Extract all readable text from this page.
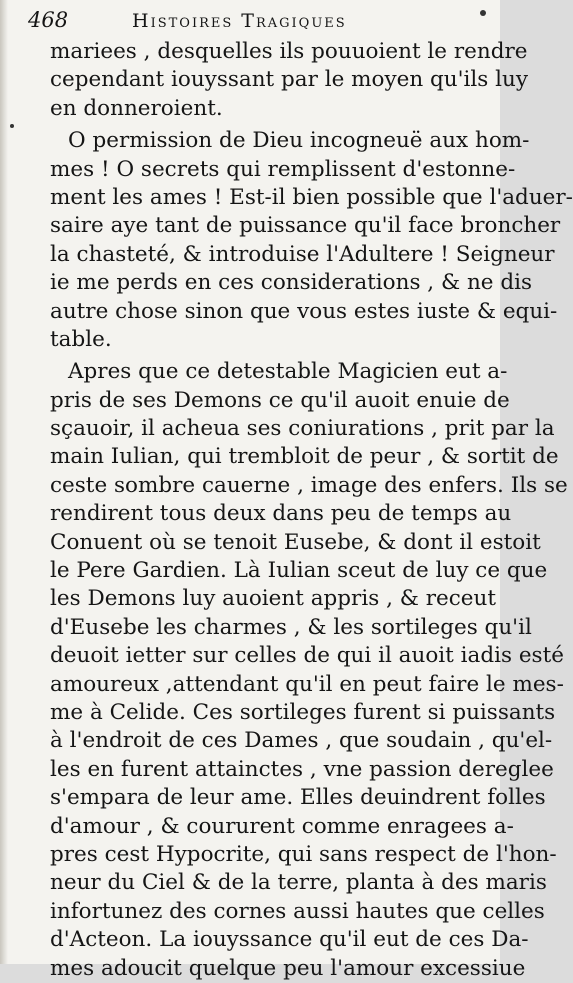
468	Histoires Tragiques
mariees , desquelles ils pouuoient le rendre
cependant iouyssant par le moyen qu'ils luy
en donneroient.
O permission de Dieu incogneuë aux hom-
mes ! O secrets qui remplissent d'estonne-
ment les ames ! Est-il bien possible que l'aduer-
saire aye tant de puissance qu'il face broncher
la chasteté, & introduise l'Adultere ! Seigneur
ie me perds en ces considerations , & ne dis
autre chose sinon que vous estes iuste & equi-
table.
Apres que ce detestable Magicien eut a-
pris de ses Demons ce qu'il auoit enuie de
sçauoir, il acheua ses coniurations , prit par la
main Iulian, qui trembloit de peur , & sortit de
ceste sombre cauerne , image des enfers. Ils se
rendirent tous deux dans peu de temps au
Conuent où se tenoit Eusebe, & dont il estoit
le Pere Gardien. Là Iulian sceut de luy ce que
les Demons luy auoient appris , & receut
d'Eusebe les charmes , & les sortileges qu'il
deuoit ietter sur celles de qui il auoit iadis esté
amoureux ,attendant qu'il en peut faire le mes-
me à Celide. Ces sortileges furent si puissants
à l'endroit de ces Dames , que soudain , qu'el-
les en furent attainctes , vne passion dereglee
s'empara de leur ame. Elles deuindrent folles
d'amour , & coururent comme enragees a-
pres cest Hypocrite, qui sans respect de l'hon-
neur du Ciel & de la terre, planta à des maris
infortunez des cornes aussi hautes que celles
d'Acteon. La iouyssance qu'il eut de ces Da-
mes adoucit quelque peu l'amour excessiue
